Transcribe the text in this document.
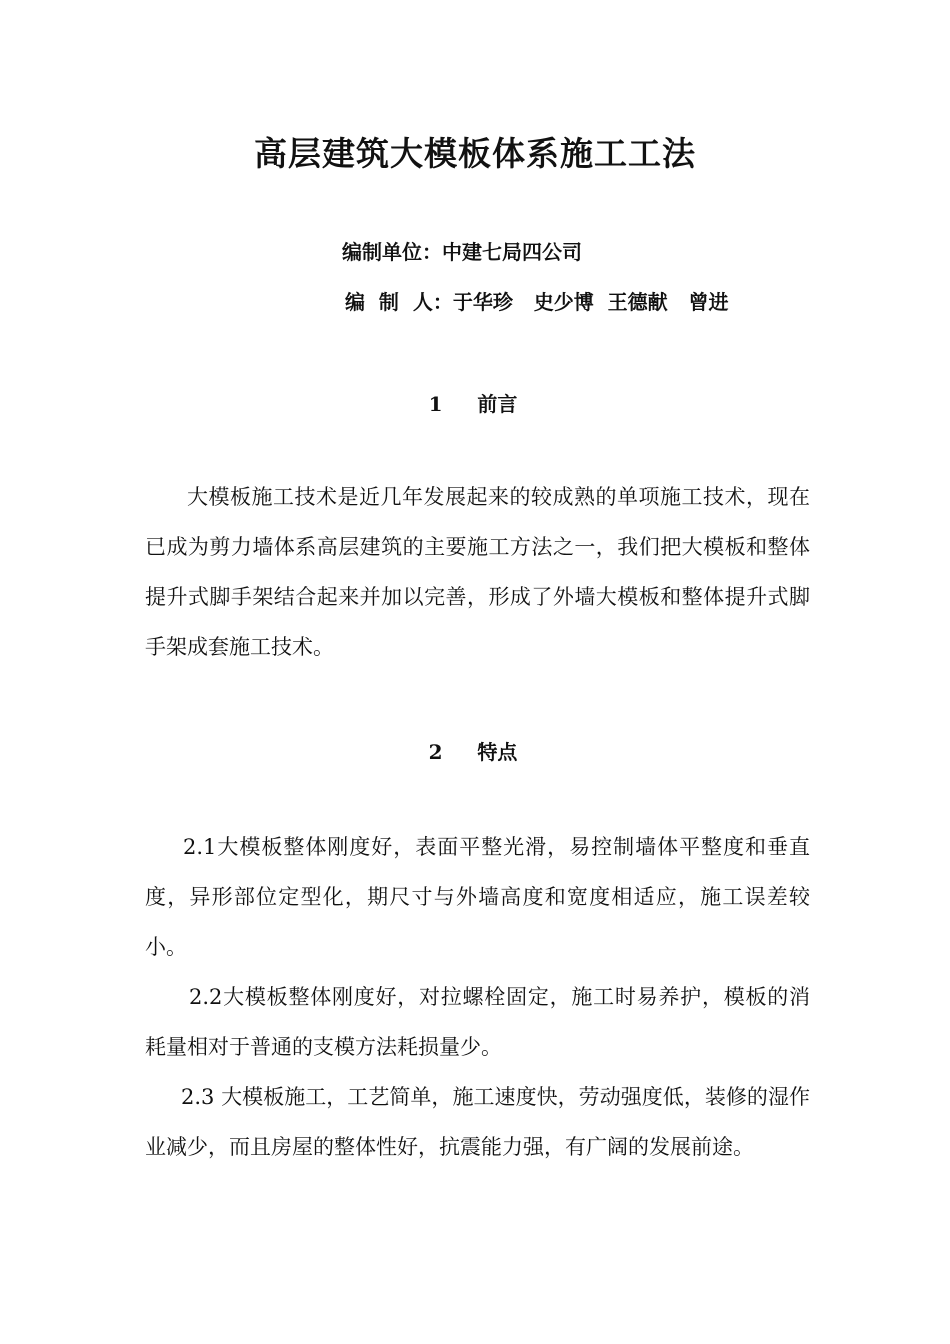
高层建筑大模板体系施工工法
编制单位：中建七局四公司
编  制  人：于华珍   史少博  王德献   曾进
1     前言
大模板施工技术是近几年发展起来的较成熟的单项施工技术，现在已成为剪力墙体系高层建筑的主要施工方法之一，我们把大模板和整体提升式脚手架结合起来并加以完善，形成了外墙大模板和整体提升式脚手架成套施工技术。
2     特点
2.1大模板整体刚度好，表面平整光滑，易控制墙体平整度和垂直度，异形部位定型化，期尺寸与外墙高度和宽度相适应，施工误差较小。
2.2大模板整体刚度好，对拉螺栓固定，施工时易养护，模板的消耗量相对于普通的支模方法耗损量少。
2.3 大模板施工，工艺简单，施工速度快，劳动强度低，装修的湿作业减少，而且房屋的整体性好，抗震能力强，有广阔的发展前途。
